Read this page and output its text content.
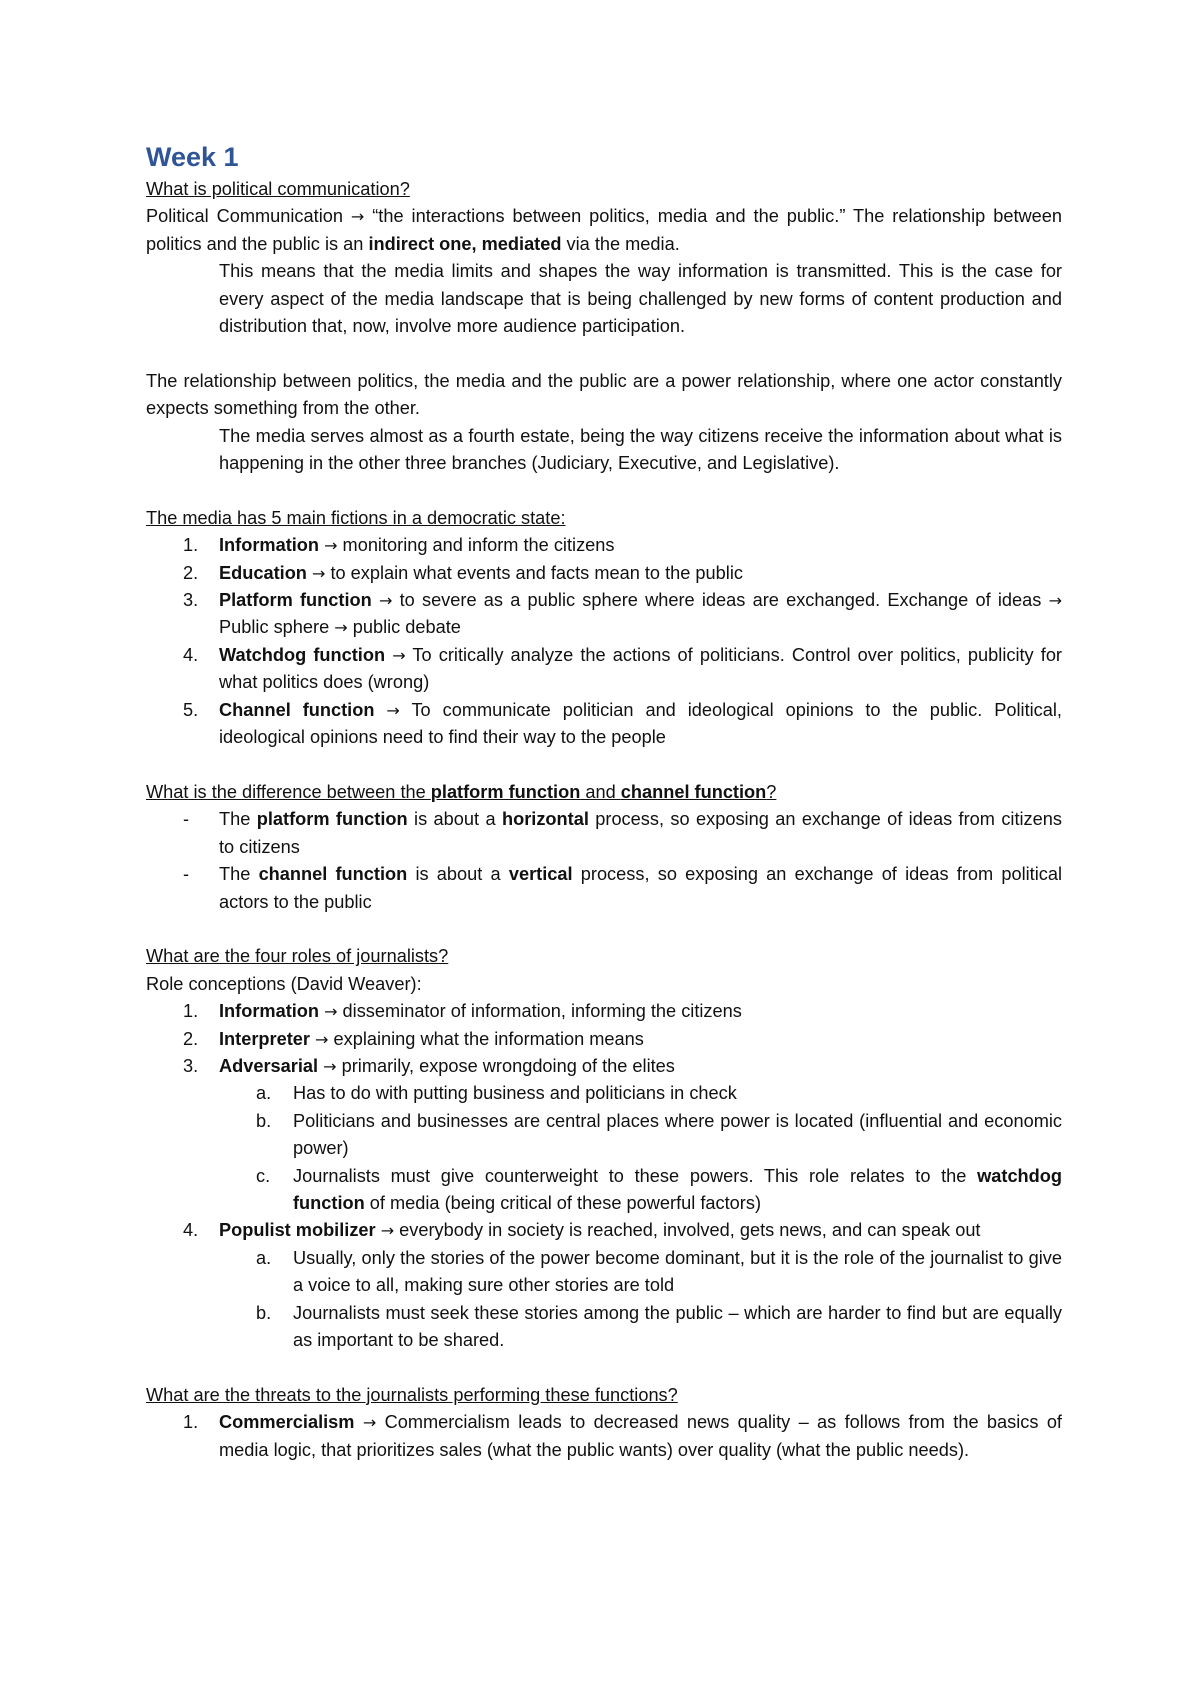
Week 1

What is political communication?

Political Communication → “the interactions between politics, media and the public.” The relationship between politics and the public is an indirect one, mediated via the media.

This means that the media limits and shapes the way information is transmitted. This is the case for every aspect of the media landscape that is being challenged by new forms of content production and distribution that, now, involve more audience participation.

The relationship between politics, the media and the public are a power relationship, where one actor constantly expects something from the other.

The media serves almost as a fourth estate, being the way citizens receive the information about what is happening in the other three branches (Judiciary, Executive, and Legislative).

The media has 5 main fictions in a democratic state:

1. Information → monitoring and inform the citizens
2. Education → to explain what events and facts mean to the public
3. Platform function → to severe as a public sphere where ideas are exchanged. Exchange of ideas → Public sphere → public debate
4. Watchdog function → To critically analyze the actions of politicians. Control over politics, publicity for what politics does (wrong)
5. Channel function → To communicate politician and ideological opinions to the public. Political, ideological opinions need to find their way to the people

What is the difference between the platform function and channel function?

- The platform function is about a horizontal process, so exposing an exchange of ideas from citizens to citizens
- The channel function is about a vertical process, so exposing an exchange of ideas from political actors to the public

What are the four roles of journalists?

Role conceptions (David Weaver):

1. Information → disseminator of information, informing the citizens
2. Interpreter → explaining what the information means
3. Adversarial → primarily, expose wrongdoing of the elites
a. Has to do with putting business and politicians in check
b. Politicians and businesses are central places where power is located (influential and economic power)
c. Journalists must give counterweight to these powers. This role relates to the watchdog function of media (being critical of these powerful factors)
4. Populist mobilizer → everybody in society is reached, involved, gets news, and can speak out
a. Usually, only the stories of the power become dominant, but it is the role of the journalist to give a voice to all, making sure other stories are told
b. Journalists must seek these stories among the public – which are harder to find but are equally as important to be shared.

What are the threats to the journalists performing these functions?

1. Commercialism → Commercialism leads to decreased news quality – as follows from the basics of media logic, that prioritizes sales (what the public wants) over quality (what the public needs).
